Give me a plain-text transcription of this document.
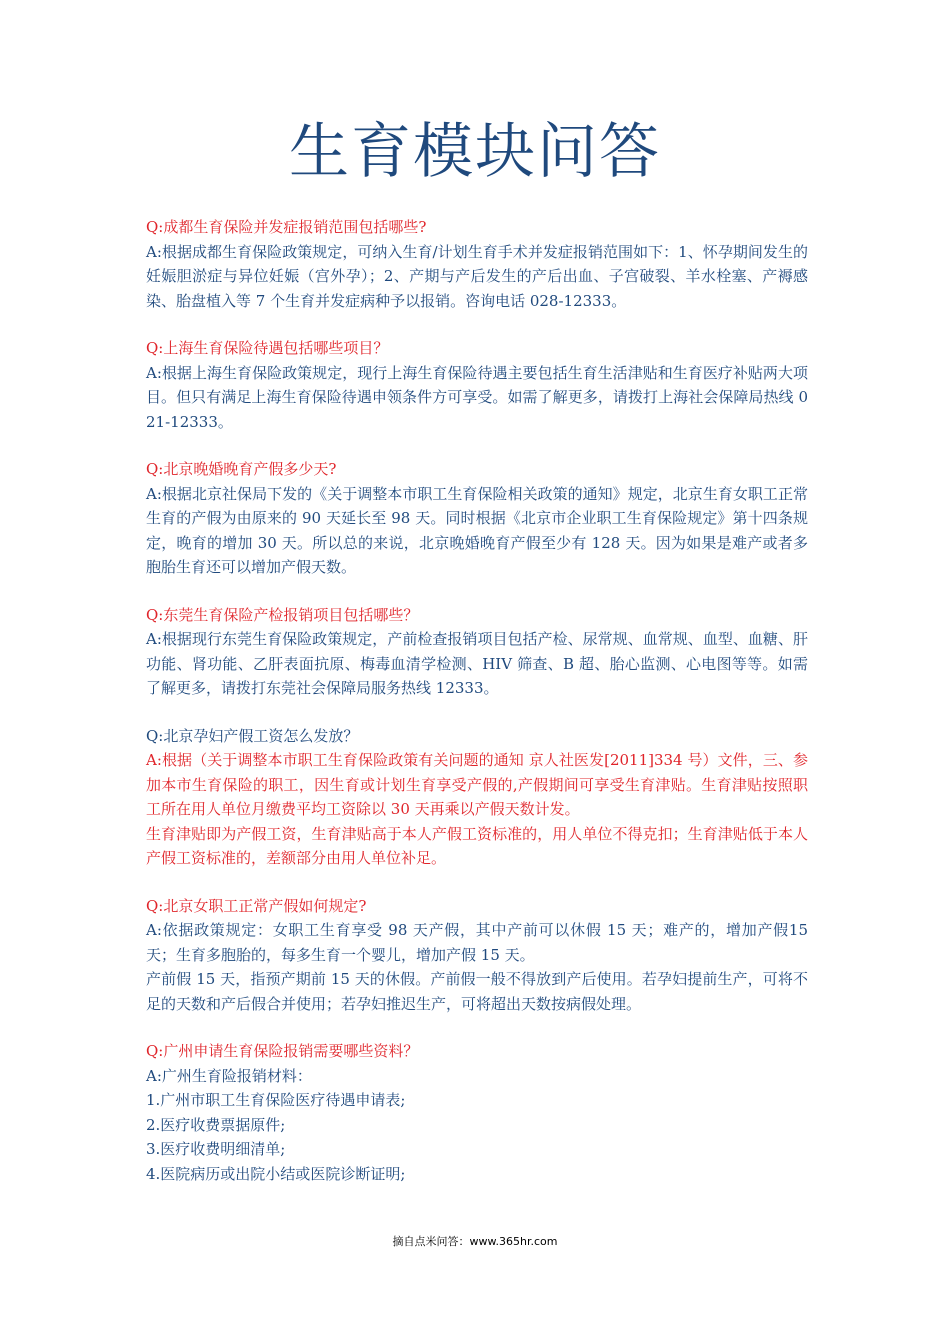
生育模块问答

Q:成都生育保险并发症报销范围包括哪些?

A:根据成都生育保险政策规定，可纳入生育/计划生育手术并发症报销范围如下：1、怀孕期间发生的妊娠胆淤症与异位妊娠（宫外孕）；2、产期与产后发生的产后出血、子宫破裂、羊水栓塞、产褥感染、胎盘植入等 7 个生育并发症病种予以报销。咨询电话 028-12333。

Q:上海生育保险待遇包括哪些项目？

A:根据上海生育保险政策规定，现行上海生育保险待遇主要包括生育生活津贴和生育医疗补贴两大项目。但只有满足上海生育保险待遇申领条件方可享受。如需了解更多，请拨打上海社会保障局热线 021-12333。

Q:北京晚婚晚育产假多少天?

A:根据北京社保局下发的《关于调整本市职工生育保险相关政策的通知》规定，北京生育女职工正常生育的产假为由原来的 90 天延长至 98 天。同时根据《北京市企业职工生育保险规定》第十四条规定，晚育的增加 30 天。所以总的来说，北京晚婚晚育产假至少有 128 天。因为如果是难产或者多胞胎生育还可以增加产假天数。

Q:东莞生育保险产检报销项目包括哪些？

A:根据现行东莞生育保险政策规定，产前检查报销项目包括产检、尿常规、血常规、血型、血糖、肝功能、肾功能、乙肝表面抗原、梅毒血清学检测、HIV 筛查、B 超、胎心监测、心电图等等。如需了解更多，请拨打东莞社会保障局服务热线 12333。

Q:北京孕妇产假工资怎么发放？

A:根据（关于调整本市职工生育保险政策有关问题的通知 京人社医发[2011]334 号）文件，三、参加本市生育保险的职工，因生育或计划生育享受产假的,产假期间可享受生育津贴。生育津贴按照职工所在用人单位月缴费平均工资除以 30 天再乘以产假天数计发。

生育津贴即为产假工资，生育津贴高于本人产假工资标准的，用人单位不得克扣；生育津贴低于本人产假工资标准的，差额部分由用人单位补足。

Q:北京女职工正常产假如何规定?

A:依据政策规定：女职工生育享受 98 天产假，其中产前可以休假 15 天；难产的，增加产假15 天；生育多胞胎的，每多生育一个婴儿，增加产假 15 天。

产前假 15 天，指预产期前 15 天的休假。产前假一般不得放到产后使用。若孕妇提前生产，可将不足的天数和产后假合并使用；若孕妇推迟生产，可将超出天数按病假处理。

Q:广州申请生育保险报销需要哪些资料？

A:广州生育险报销材料：

1.广州市职工生育保险医疗待遇申请表;

2.医疗收费票据原件;

3.医疗收费明细清单;

4.医院病历或出院小结或医院诊断证明;

摘自点米问答：www.365hr.com
